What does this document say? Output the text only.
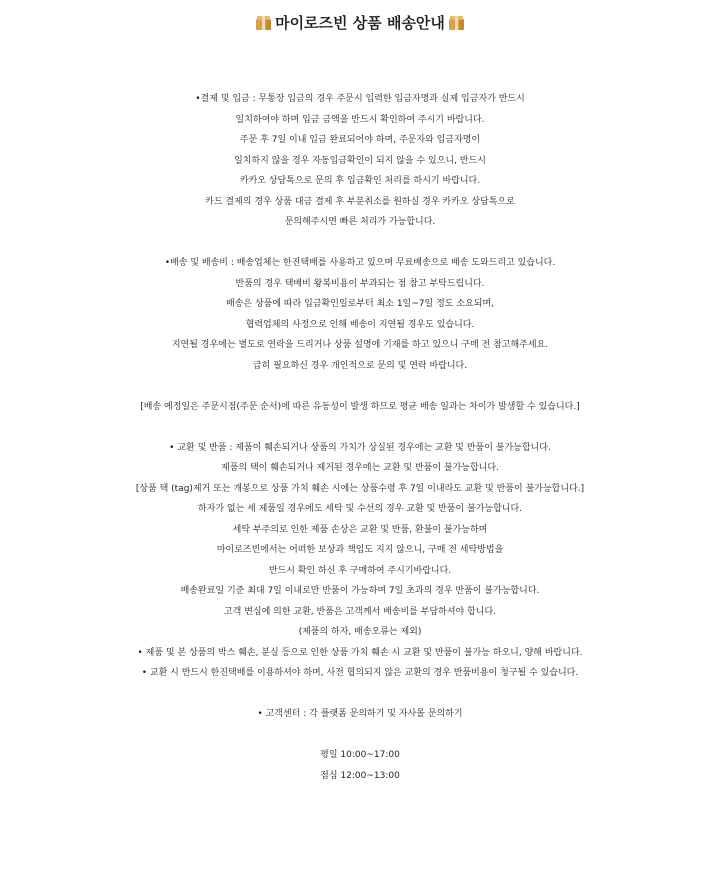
마이로즈빈 상품 배송안내
•결제 및 입금 : 무통장 입금의 경우 주문시 입력한 입금자명과 실제 입금자가 반드시
일치하여야 하며 입금 금액을 반드시 확인하여 주시기 바랍니다.
주문 후 7일 이내 입금 완료되어야 하며, 주문자와 입금자명이
일치하지 않을 경우 자동입금확인이 되지 않을 수 있으니, 반드시
카카오 상담톡으로 문의 후 입금확인 처리를 하시기 바랍니다.
카드 결제의 경우 상품 대금 결제 후 부분취소를 원하실 경우 카카오 상담톡으로
문의해주시면 빠른 처리가 가능합니다.
•배송 및 배송비 : 배송업체는 한진택배를 사용하고 있으며 무료배송으로 배송 도와드리고 있습니다.
반품의 경우 택배비 왕복비용이 부과되는 점 참고 부탁드립니다.
배송은 상품에 따라 입금확인일로부터 최소 1일~7일 정도 소요되며,
협력업체의 사정으로 인해 배송이 지연될 경우도 있습니다.
지연될 경우에는 별도로 연락을 드리거나 상품 설명에 기재를 하고 있으니 구매 전 참고해주세요.
급히 필요하신 경우 개인적으로 문의 및 연락 바랍니다.
[배송 예정일은 주문시점(주문 순서)에 따른 유동성이 발생 하므로 평균 배송 일과는 차이가 발생할 수 있습니다.]
• 교환 및 반품 : 제품이 훼손되거나 상품의 가치가 상실된 경우에는 교환 및 반품이 불가능합니다.
제품의 택이 훼손되거나 제거된 경우에는 교환 및 반품이 불가능합니다.
[상품 택 (tag)제거 또는 개봉으로 상품 가치 훼손 시에는 상품수령 후 7일 이내라도 교환 및 반품이 불가능합니다.]
하자가 없는 세 제품일 경우에도 세탁 및 수선의 경우 교환 및 반품이 불가능합니다.
세탁 부주의로 인한 제품 손상은 교환 및 반품, 환불이 불가능하며
마이로즈빈에서는 어떠한 보상과 책임도 지지 않으니, 구매 전 세탁방법을
반드시 확인 하신 후 구매하여 주시기바랍니다.
배송완료일 기준 최대 7일 이내로만 반품이 가능하며 7일 초과의 경우 반품이 불가능합니다.
고객 변심에 의한 교환, 반품은 고객께서 배송비를 부담하셔야 합니다.
(제품의 하자, 배송오류는 제외)
• 제품 및 본 상품의 박스 훼손, 분실 등으로 인한 상품 가치 훼손 시 교환 및 반품이 불가능 하오니, 양해 바랍니다.
• 교환 시 반드시 한진택배를 이용하셔야 하며, 사전 협의되지 않은 교환의 경우 반품비용이 청구될 수 있습니다.
• 고객센터 : 각 플랫폼 문의하기 및 자사몰 문의하기
평일 10:00~17:00
점심 12:00~13:00
